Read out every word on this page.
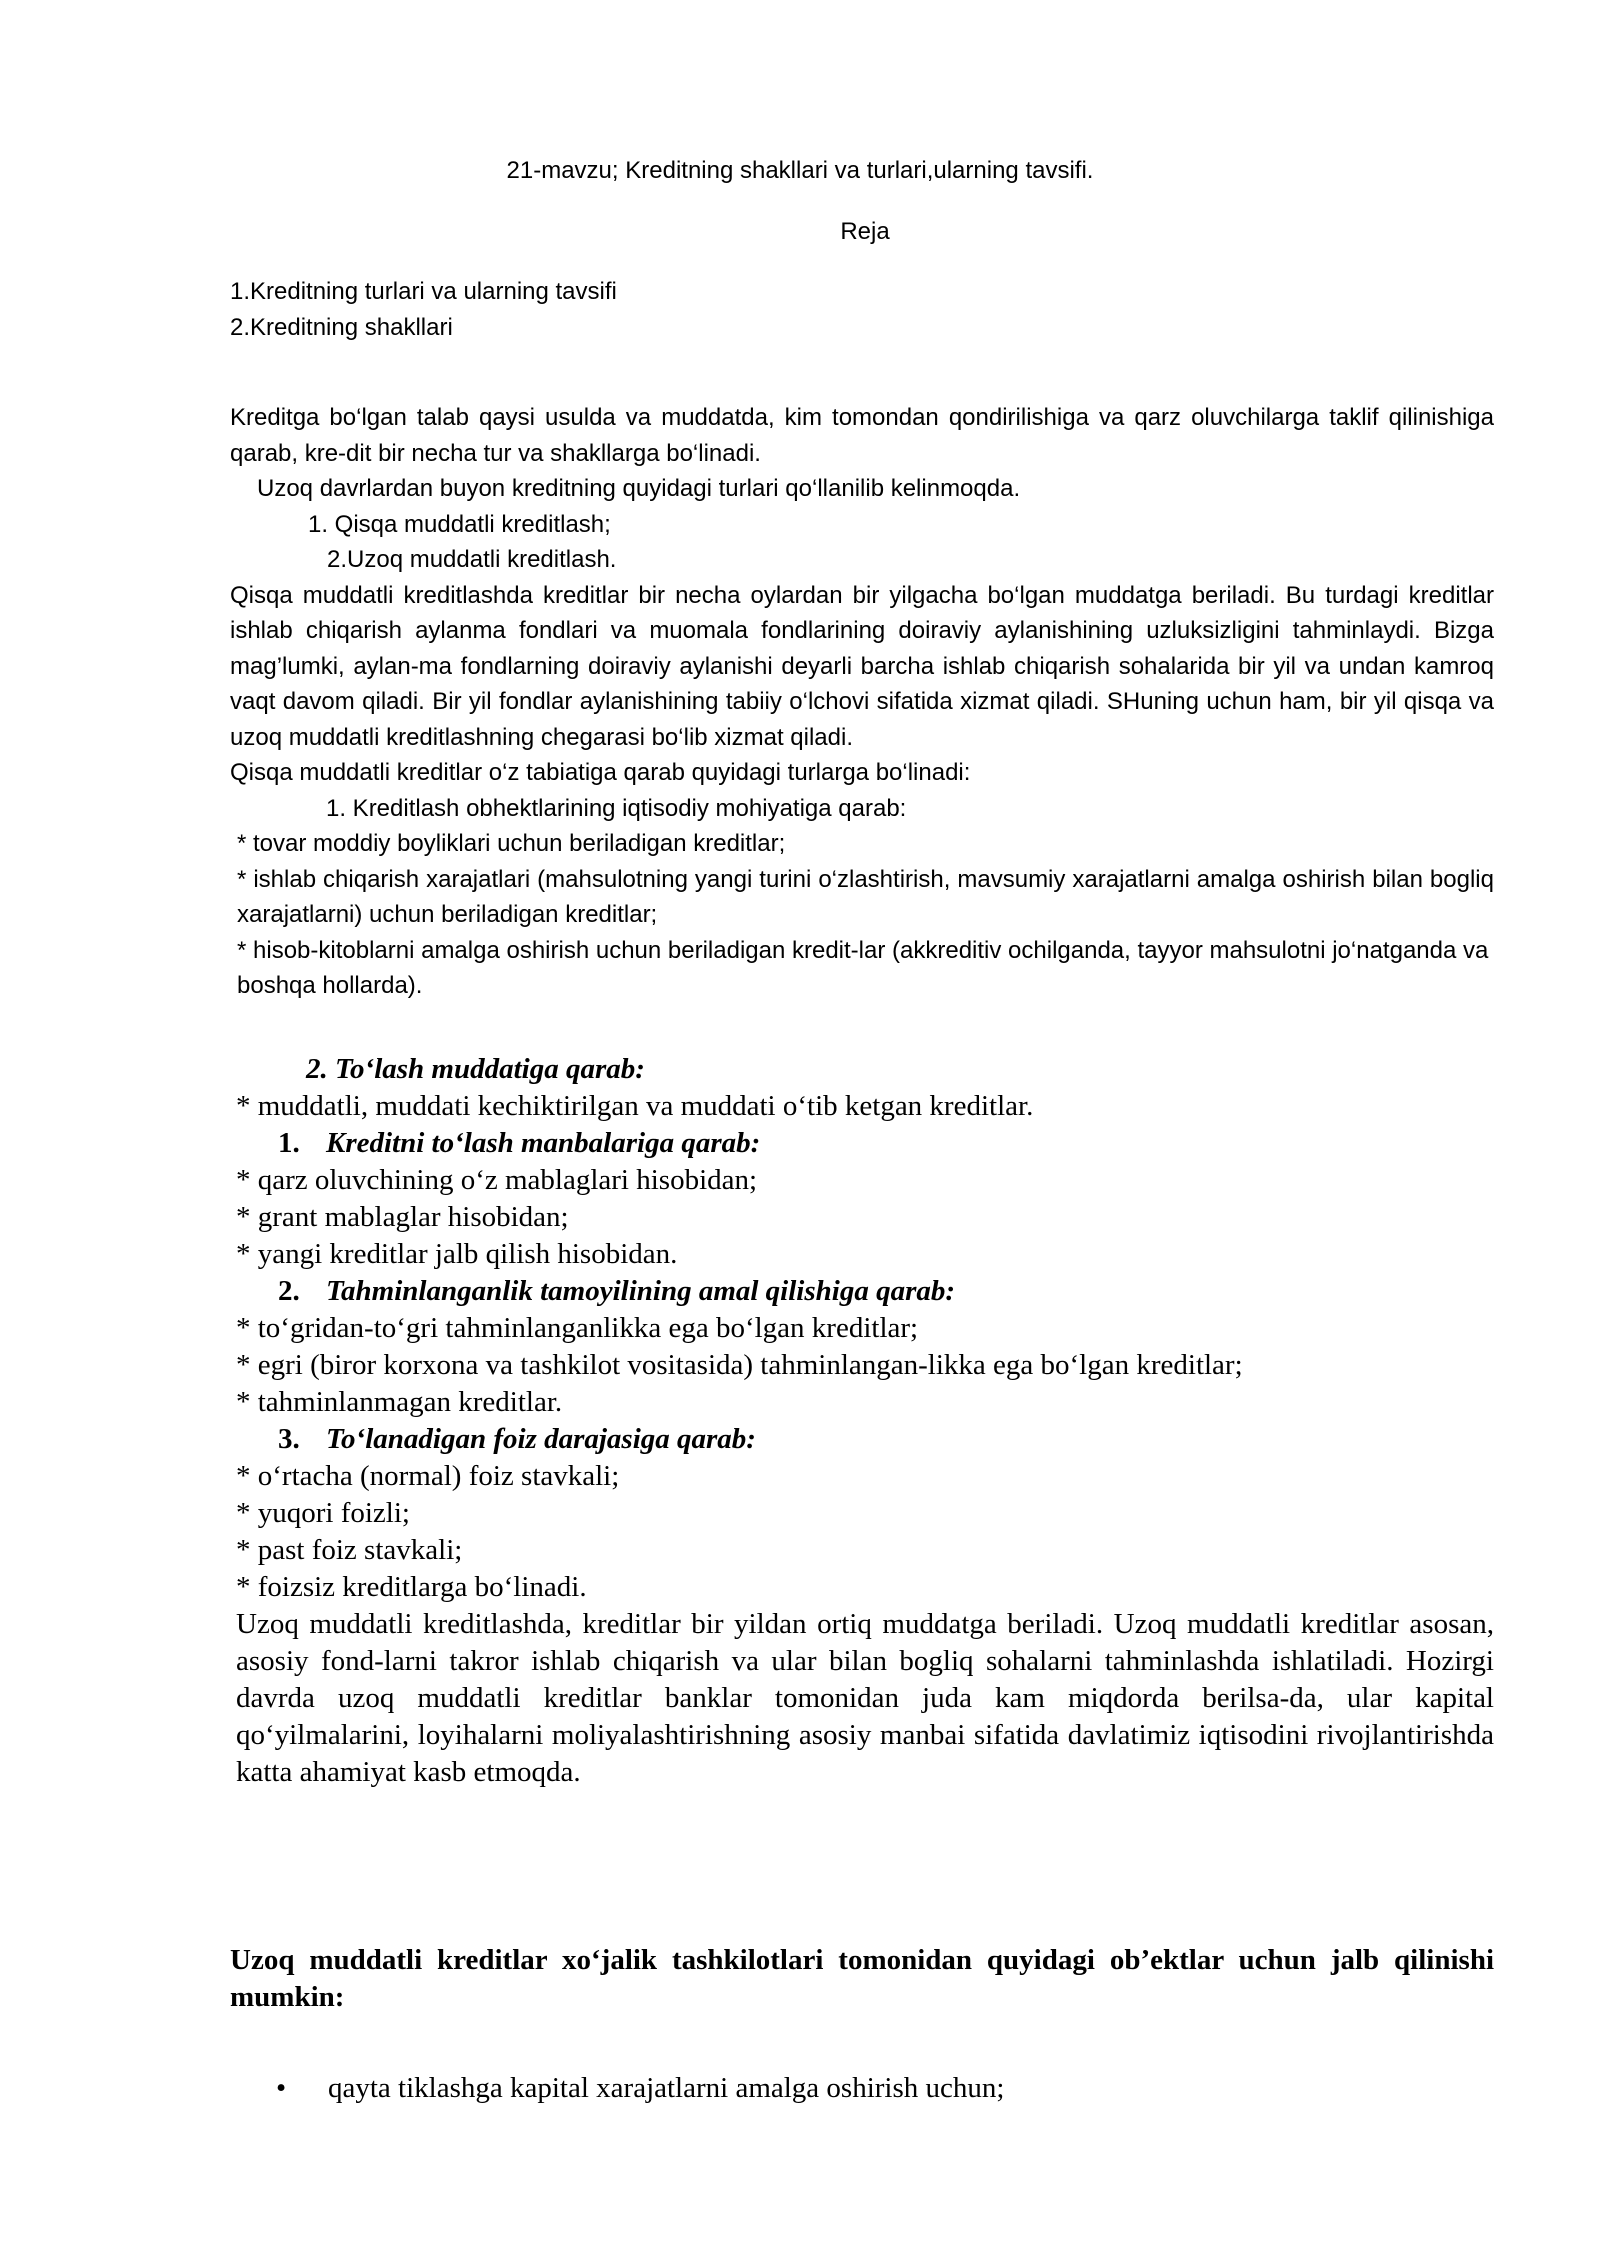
21-mavzu; Kreditning shakllari va turlari,ularning tavsifi.
Reja
1.Kreditning turlari va ularning tavsifi
2.Kreditning shakllari

Kreditga bo‘lgan talab qaysi usulda va muddatda, kim tomondan qondirilishiga va qarz oluvchilarga taklif qilinishiga qarab, kre-dit bir necha tur va shakllarga bo‘linadi.

Uzoq davrlardan buyon kreditning quyidagi turlari qo‘llanilib kelinmoqda.

1. Qisqa muddatli kreditlash;

2.Uzoq muddatli kreditlash.

Qisqa muddatli kreditlashda kreditlar bir necha oylardan bir yilgacha bo‘lgan muddatga beriladi. Bu turdagi kreditlar ishlab chiqarish aylanma fondlari va muomala fondlarining doiraviy aylanishining uzluksizligini tahminlaydi. Bizga mag’lumki, aylan-ma fondlarning doiraviy aylanishi deyarli barcha ishlab chiqarish sohalarida bir yil va undan kamroq vaqt davom qiladi. Bir yil fondlar aylanishining tabiiy o‘lchovi sifatida xizmat qiladi. SHuning uchun ham, bir yil qisqa va uzoq muddatli kreditlashning chegarasi bo‘lib xizmat qiladi.

Qisqa muddatli kreditlar o‘z tabiatiga qarab quyidagi turlarga bo‘linadi:

1. Kreditlash obhektlarining iqtisodiy mohiyatiga qarab:

* tovar moddiy boyliklari uchun beriladigan kreditlar;

* ishlab chiqarish xarajatlari (mahsulotning yangi turini o‘zlashtirish, mavsumiy xarajatlarni amalga oshirish bilan bogliq xarajatlarni) uchun beriladigan kreditlar;

* hisob-kitoblarni amalga oshirish uchun beriladigan kredit-lar (akkreditiv ochilganda, tayyor mahsulotni jo‘natganda va boshqa hollarda).

2. To‘lash muddatiga qarab:

* muddatli, muddati kechiktirilgan va muddati o‘tib ketgan kreditlar.

1. Kreditni to‘lash manbalariga qarab:

* qarz oluvchining o‘z mablaglari hisobidan;

* grant mablaglar hisobidan;

* yangi kreditlar jalb qilish hisobidan.

2. Tahminlanganlik tamoyilining amal qilishiga qarab:

* to‘gridan-to‘gri tahminlanganlikka ega bo‘lgan kreditlar;

* egri (biror korxona va tashkilot vositasida) tahminlangan-likka ega bo‘lgan kreditlar;

* tahminlanmagan kreditlar.

3. To‘lanadigan foiz darajasiga qarab:

* o‘rtacha (normal) foiz stavkali;

* yuqori foizli;

* past foiz stavkali;

* foizsiz kreditlarga bo‘linadi.

Uzoq muddatli kreditlashda, kreditlar bir yildan ortiq muddatga beriladi. Uzoq muddatli kreditlar asosan, asosiy fond-larni takror ishlab chiqarish va ular bilan bogliq sohalarni tahminlashda ishlatiladi. Hozirgi davrda uzoq muddatli kreditlar banklar tomonidan juda kam miqdorda berilsa-da, ular kapital qo‘yilmalarini, loyihalarni moliyalashtirishning asosiy manbai sifatida davlatimiz iqtisodini rivojlantirishda katta ahamiyat kasb etmoqda.

Uzoq muddatli kreditlar xo‘jalik tashkilotlari tomonidan quyidagi ob’ektlar uchun jalb qilinishi mumkin:

• qayta tiklashga kapital xarajatlarni amalga oshirish uchun;
